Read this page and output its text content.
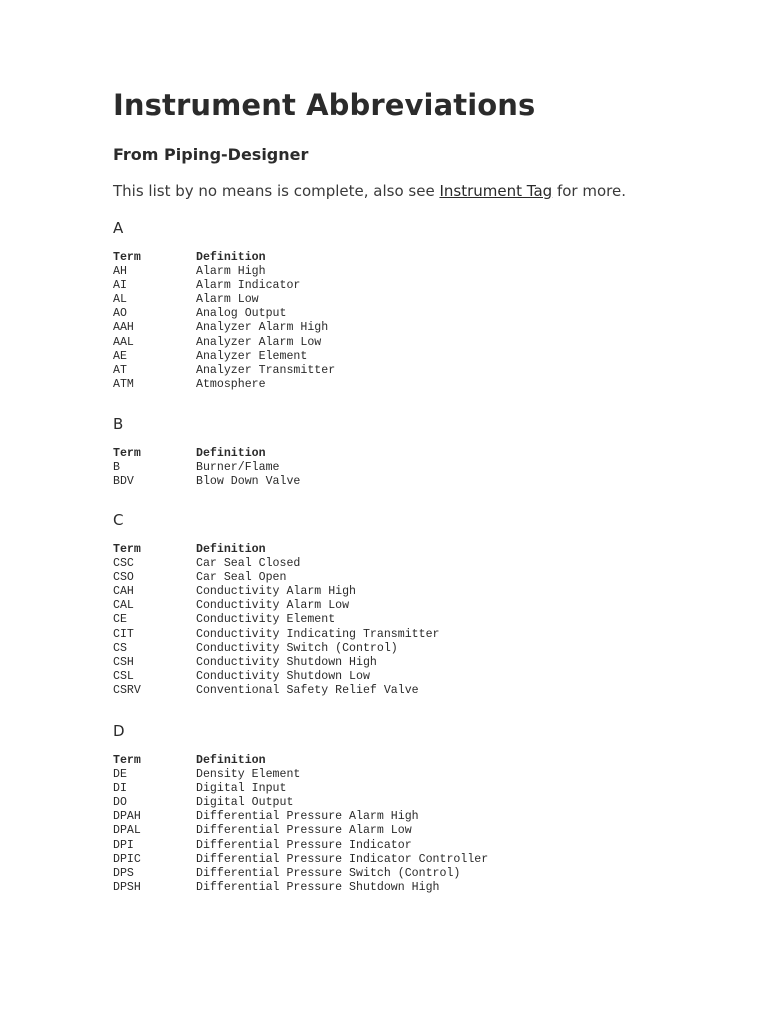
Instrument Abbreviations
From Piping-Designer

This list by no means is complete, also see Instrument Tag for more.

A
Term	Definition
AH	Alarm High
AI	Alarm Indicator
AL	Alarm Low
AO	Analog Output
AAH	Analyzer Alarm High
AAL	Analyzer Alarm Low
AE	Analyzer Element
AT	Analyzer Transmitter
ATM	Atmosphere
B
Term	Definition
B	Burner/Flame
BDV	Blow Down Valve
C
Term	Definition
CSC	Car Seal Closed
CSO	Car Seal Open
CAH	Conductivity Alarm High
CAL	Conductivity Alarm Low
CE	Conductivity Element
CIT	Conductivity Indicating Transmitter
CS	Conductivity Switch (Control)
CSH	Conductivity Shutdown High
CSL	Conductivity Shutdown Low
CSRV	Conventional Safety Relief Valve
D
Term	Definition
DE	Density Element
DI	Digital Input
DO	Digital Output
DPAH	Differential Pressure Alarm High
DPAL	Differential Pressure Alarm Low
DPI	Differential Pressure Indicator
DPIC	Differential Pressure Indicator Controller
DPS	Differential Pressure Switch (Control)
DPSH	Differential Pressure Shutdown High
